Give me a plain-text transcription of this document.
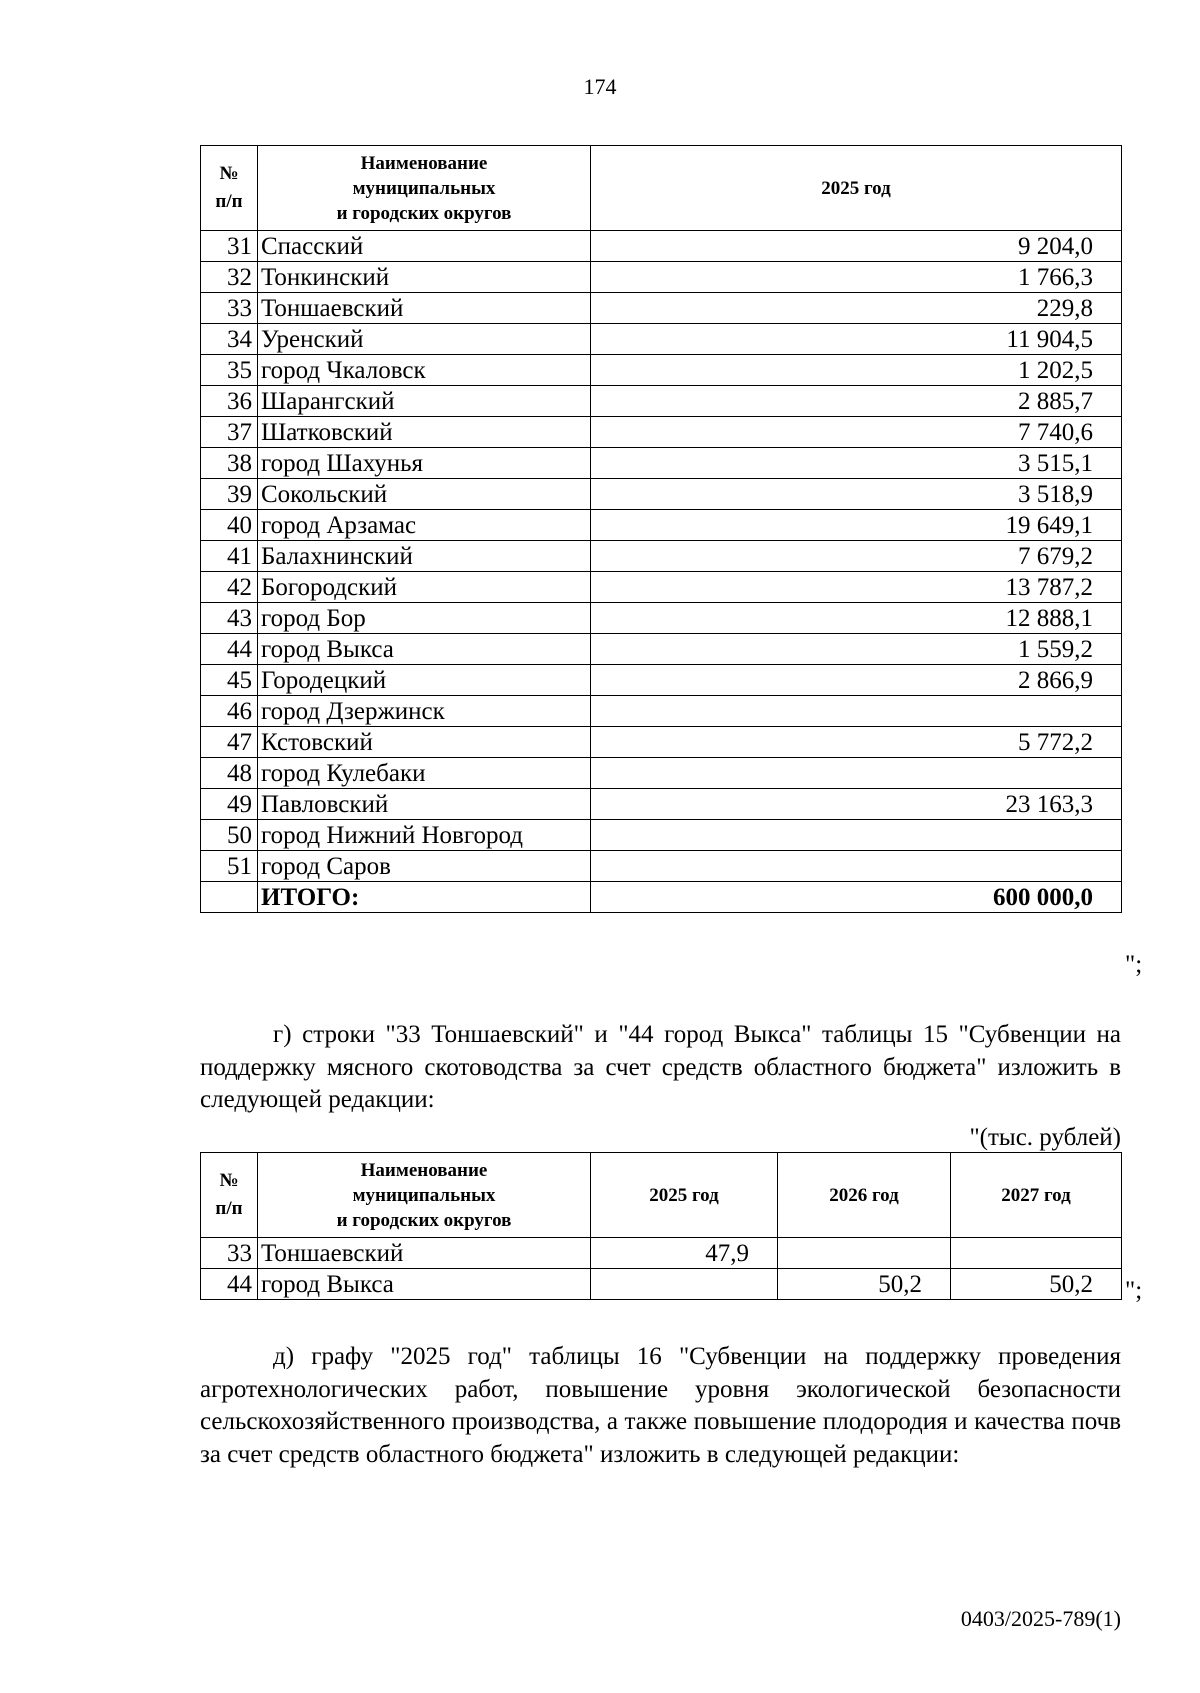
174
№
п/п	Наименование
муниципальных
и городских округов	2025 год
31	Спасский	9 204,0
32	Тонкинский	1 766,3
33	Тоншаевский	229,8
34	Уренский	11 904,5
35	город Чкаловск	1 202,5
36	Шарангский	2 885,7
37	Шатковский	7 740,6
38	город Шахунья	3 515,1
39	Сокольский	3 518,9
40	город Арзамас	19 649,1
41	Балахнинский	7 679,2
42	Богородский	13 787,2
43	город Бор	12 888,1
44	город Выкса	1 559,2
45	Городецкий	2 866,9
46	город Дзержинск	
47	Кстовский	5 772,2
48	город Кулебаки	
49	Павловский	23 163,3
50	город Нижний Новгород	
51	город Саров	
	ИТОГО:	600 000,0
";
г) строки "33 Тоншаевский" и "44 город Выкса" таблицы 15 "Субвенции на поддержку мясного скотоводства за счет средств областного бюджета" изложить в следующей редакции:
"(тыс. рублей)
№
п/п	Наименование
муниципальных
и городских округов	2025 год	2026 год	2027 год
33	Тоншаевский	47,9		
44	город Выкса		50,2	50,2 ";
д) графу "2025 год" таблицы 16 "Субвенции на поддержку проведения агротехнологических работ, повышение уровня экологической безопасности сельскохозяйственного производства, а также повышение плодородия и качества почв за счет средств областного бюджета" изложить в следующей редакции:
0403/2025-789(1)
